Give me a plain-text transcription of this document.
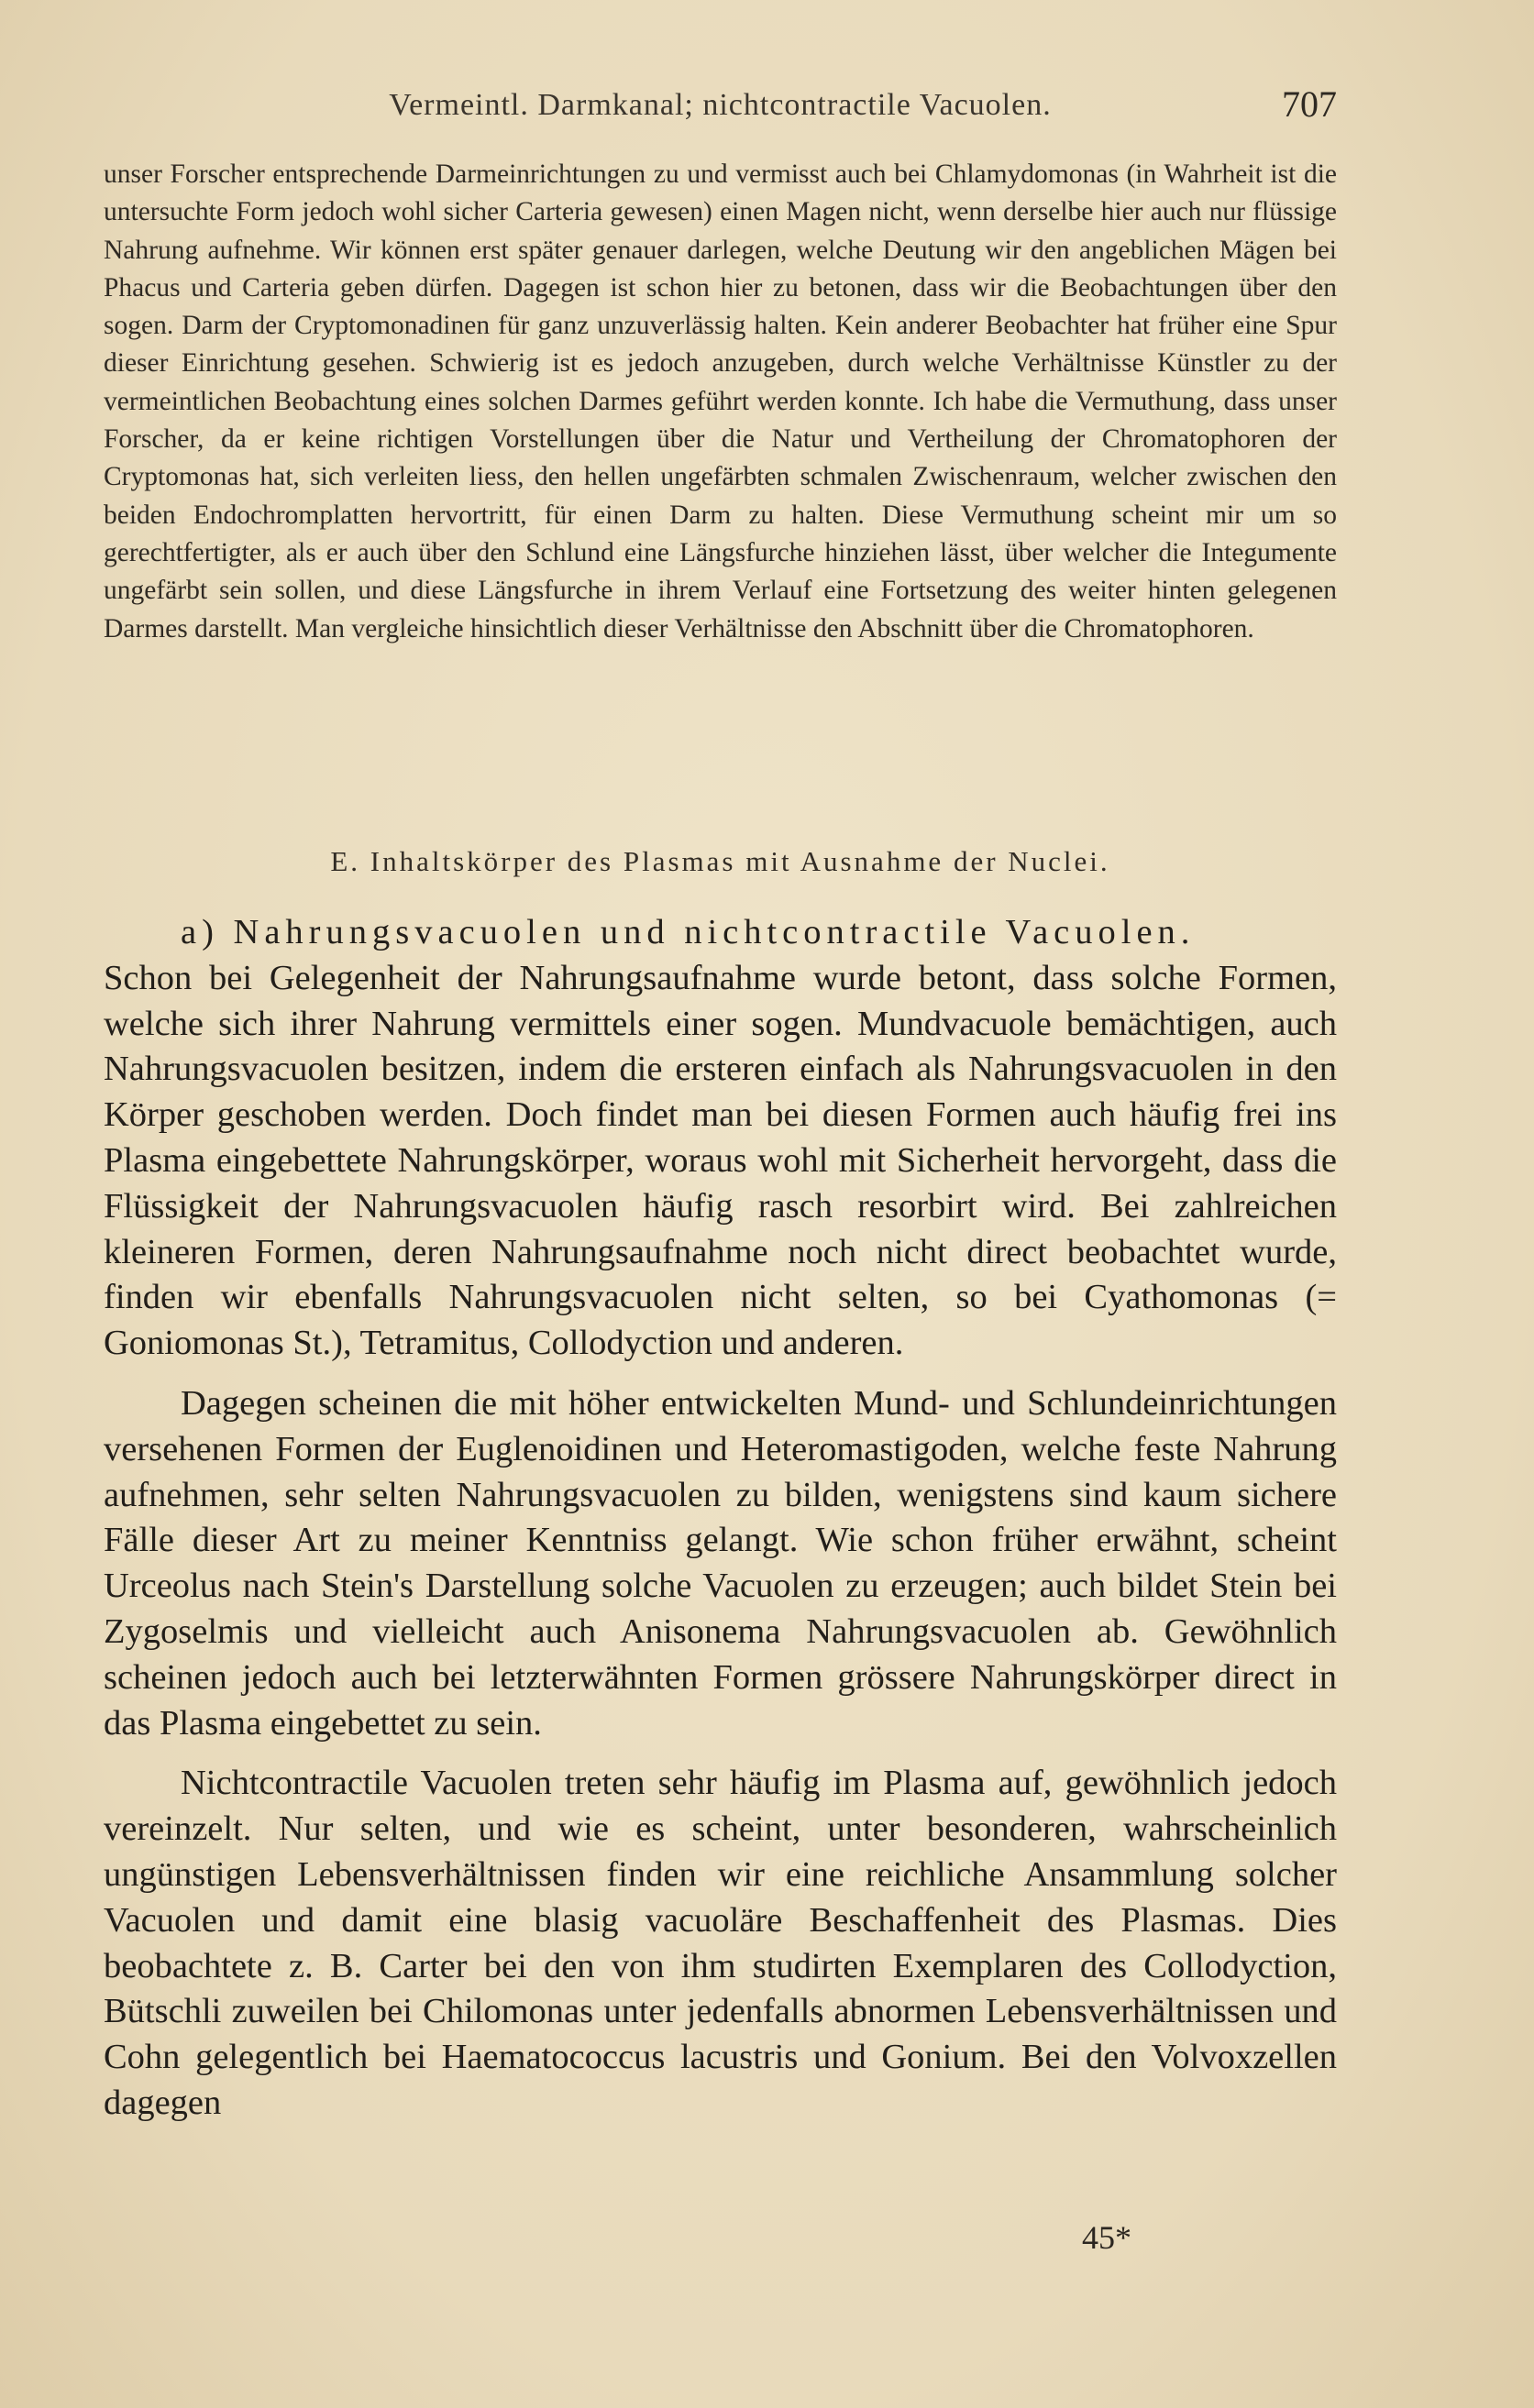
Vermeintl. Darmkanal; nichtcontractile Vacuolen.	707

unser Forscher entsprechende Darmeinrichtungen zu und vermisst auch bei Chlamydomonas (in Wahrheit ist die untersuchte Form jedoch wohl sicher Carteria gewesen) einen Magen nicht, wenn derselbe hier auch nur flüssige Nahrung aufnehme. Wir können erst später genauer darlegen, welche Deutung wir den angeblichen Mägen bei Phacus und Carteria geben dürfen. Dagegen ist schon hier zu betonen, dass wir die Beobachtungen über den sogen. Darm der Cryptomonadinen für ganz unzuverlässig halten. Kein anderer Beobachter hat früher eine Spur dieser Einrichtung gesehen. Schwierig ist es jedoch anzugeben, durch welche Verhältnisse Künstler zu der vermeintlichen Beobachtung eines solchen Darmes geführt werden konnte. Ich habe die Vermuthung, dass unser Forscher, da er keine richtigen Vorstellungen über die Natur und Vertheilung der Chromatophoren der Cryptomonas hat, sich verleiten liess, den hellen ungefärbten schmalen Zwischenraum, welcher zwischen den beiden Endochromplatten hervortritt, für einen Darm zu halten. Diese Vermuthung scheint mir um so gerechtfertigter, als er auch über den Schlund eine Längsfurche hinziehen lässt, über welcher die Integumente ungefärbt sein sollen, und diese Längsfurche in ihrem Verlauf eine Fortsetzung des weiter hinten gelegenen Darmes darstellt. Man vergleiche hinsichtlich dieser Verhältnisse den Abschnitt über die Chromatophoren.

E. Inhaltskörper des Plasmas mit Ausnahme der Nuclei.

a) Nahrungsvacuolen und nichtcontractile Vacuolen.

Schon bei Gelegenheit der Nahrungsaufnahme wurde betont, dass solche Formen, welche sich ihrer Nahrung vermittels einer sogen. Mundvacuole bemächtigen, auch Nahrungsvacuolen besitzen, indem die ersteren einfach als Nahrungsvacuolen in den Körper geschoben werden. Doch findet man bei diesen Formen auch häufig frei ins Plasma eingebettete Nahrungskörper, woraus wohl mit Sicherheit hervorgeht, dass die Flüssigkeit der Nahrungsvacuolen häufig rasch resorbirt wird. Bei zahlreichen kleineren Formen, deren Nahrungsaufnahme noch nicht direct beobachtet wurde, finden wir ebenfalls Nahrungsvacuolen nicht selten, so bei Cyathomonas (= Goniomonas St.), Tetramitus, Collodyction und anderen.

Dagegen scheinen die mit höher entwickelten Mund- und Schlundeinrichtungen versehenen Formen der Euglenoidinen und Heteromastigoden, welche feste Nahrung aufnehmen, sehr selten Nahrungsvacuolen zu bilden, wenigstens sind kaum sichere Fälle dieser Art zu meiner Kenntniss gelangt. Wie schon früher erwähnt, scheint Urceolus nach Stein's Darstellung solche Vacuolen zu erzeugen; auch bildet Stein bei Zygoselmis und vielleicht auch Anisonema Nahrungsvacuolen ab. Gewöhnlich scheinen jedoch auch bei letzterwähnten Formen grössere Nahrungskörper direct in das Plasma eingebettet zu sein.

Nichtcontractile Vacuolen treten sehr häufig im Plasma auf, gewöhnlich jedoch vereinzelt. Nur selten, und wie es scheint, unter besonderen, wahrscheinlich ungünstigen Lebensverhältnissen finden wir eine reichliche Ansammlung solcher Vacuolen und damit eine blasig vacuoläre Beschaffenheit des Plasmas. Dies beobachtete z. B. Carter bei den von ihm studirten Exemplaren des Collodyction, Bütschli zuweilen bei Chilomonas unter jedenfalls abnormen Lebensverhältnissen und Cohn gelegentlich bei Haematococcus lacustris und Gonium. Bei den Volvoxzellen dagegen

45*
